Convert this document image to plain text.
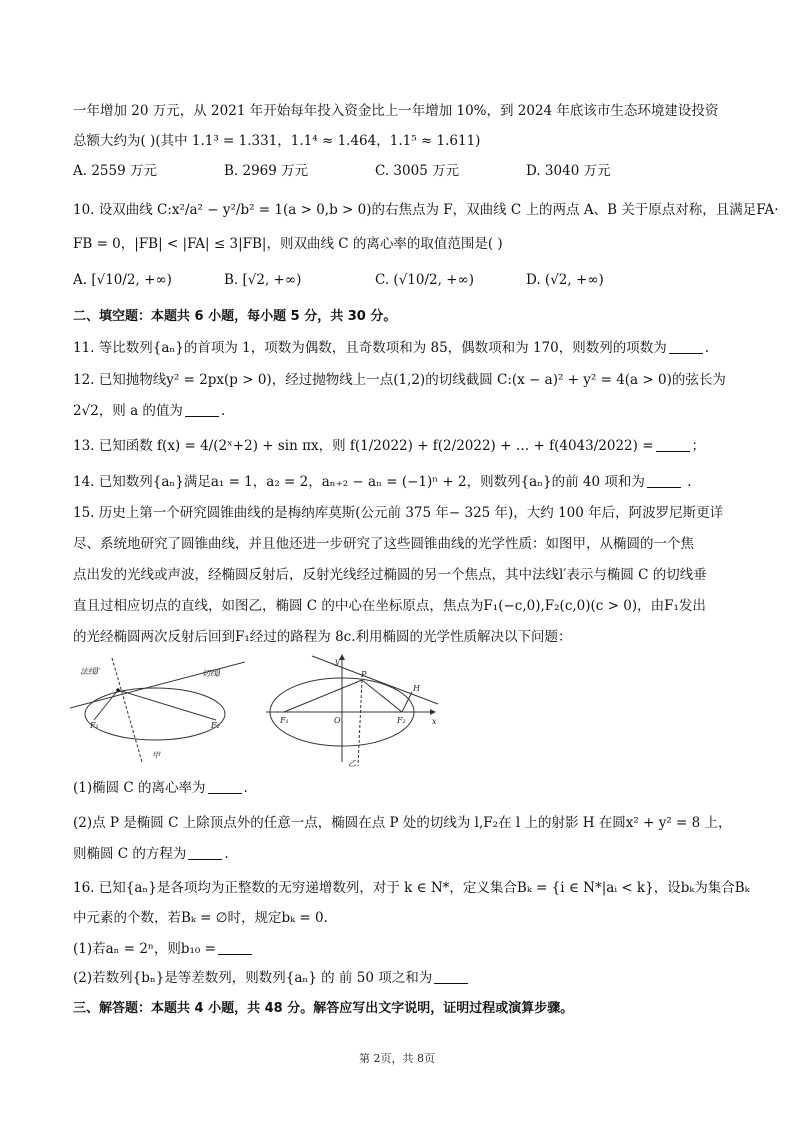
一年增加 20 万元，从 2021 年开始每年投入资金比上一年增加 10%，到 2024 年底该市生态环境建设投资
总额大约为( )(其中 1.1³ = 1.331，1.1⁴ ≈ 1.464，1.1⁵ ≈ 1.611)
A. 2559 万元	B. 2969 万元	C. 3005 万元	D. 3040 万元
10. 设双曲线 C:x²/a² − y²/b² = 1(a > 0,b > 0)的右焦点为 F，双曲线 C 上的两点 A、B 关于原点对称，且满足FA·
FB = 0，|FB| < |FA| ≤ 3|FB|，则双曲线 C 的离心率的取值范围是( )
A. [√10/2, +∞)	B. [√2, +∞)	C. (√10/2, +∞)	D. (√2, +∞)
二、填空题：本题共 6 小题，每小题 5 分，共 30 分。
11. 等比数列{aₙ}的首项为 1，项数为偶数，且奇数项和为 85，偶数项和为 170，则数列的项数为	.
12. 已知抛物线y² = 2px(p > 0)，经过抛物线上一点(1,2)的切线截圆 C:(x − a)² + y² = 4(a > 0)的弦长为
2√2，则 a 的值为	.
13. 已知函数 f(x) = 4/(2ˣ+2) + sin πx，则 f(1/2022) + f(2/2022) + … + f(4043/2022) =	；
14. 已知数列{aₙ}满足a₁ = 1，a₂ = 2，aₙ₊₂ − aₙ = (−1)ⁿ + 2，则数列{aₙ}的前 40 项和为	.
15. 历史上第一个研究圆锥曲线的是梅纳库莫斯(公元前 375 年− 325 年)，大约 100 年后，阿波罗尼斯更详
尽、系统地研究了圆锥曲线，并且他还进一步研究了这些圆锥曲线的光学性质：如图甲，从椭圆的一个焦
点出发的光线或声波，经椭圆反射后，反射光线经过椭圆的另一个焦点，其中法线l′表示与椭圆 C 的切线垂
直且过相应切点的直线，如图乙，椭圆 C 的中心在坐标原点，焦点为F₁(−c,0),F₂(c,0)(c > 0)，由F₁发出
的光经椭圆两次反射后回到F₁经过的路程为 8c.利用椭圆的光学性质解决以下问题：
法线l′	切线l
F₁	F₂
甲
y
x
O
F₁	F₂
P
H
乙
(1)椭圆 C 的离心率为	.
(2)点 P 是椭圆 C 上除顶点外的任意一点，椭圆在点 P 处的切线为 l,F₂在 l 上的射影 H 在圆x² + y² = 8 上，
则椭圆 C 的方程为	.
16. 已知{aₙ}是各项均为正整数的无穷递增数列，对于 k ∈ N*，定义集合Bₖ = {i ∈ N*|aᵢ < k}，设bₖ为集合Bₖ
中元素的个数，若Bₖ = ∅时，规定bₖ = 0.
(1)若aₙ = 2ⁿ，则b₁₀ =
(2)若数列{bₙ}是等差数列，则数列{aₙ} 的 前 50 项之和为
三、解答题：本题共 4 小题，共 48 分。解答应写出文字说明，证明过程或演算步骤。
第 2页，共 8页
